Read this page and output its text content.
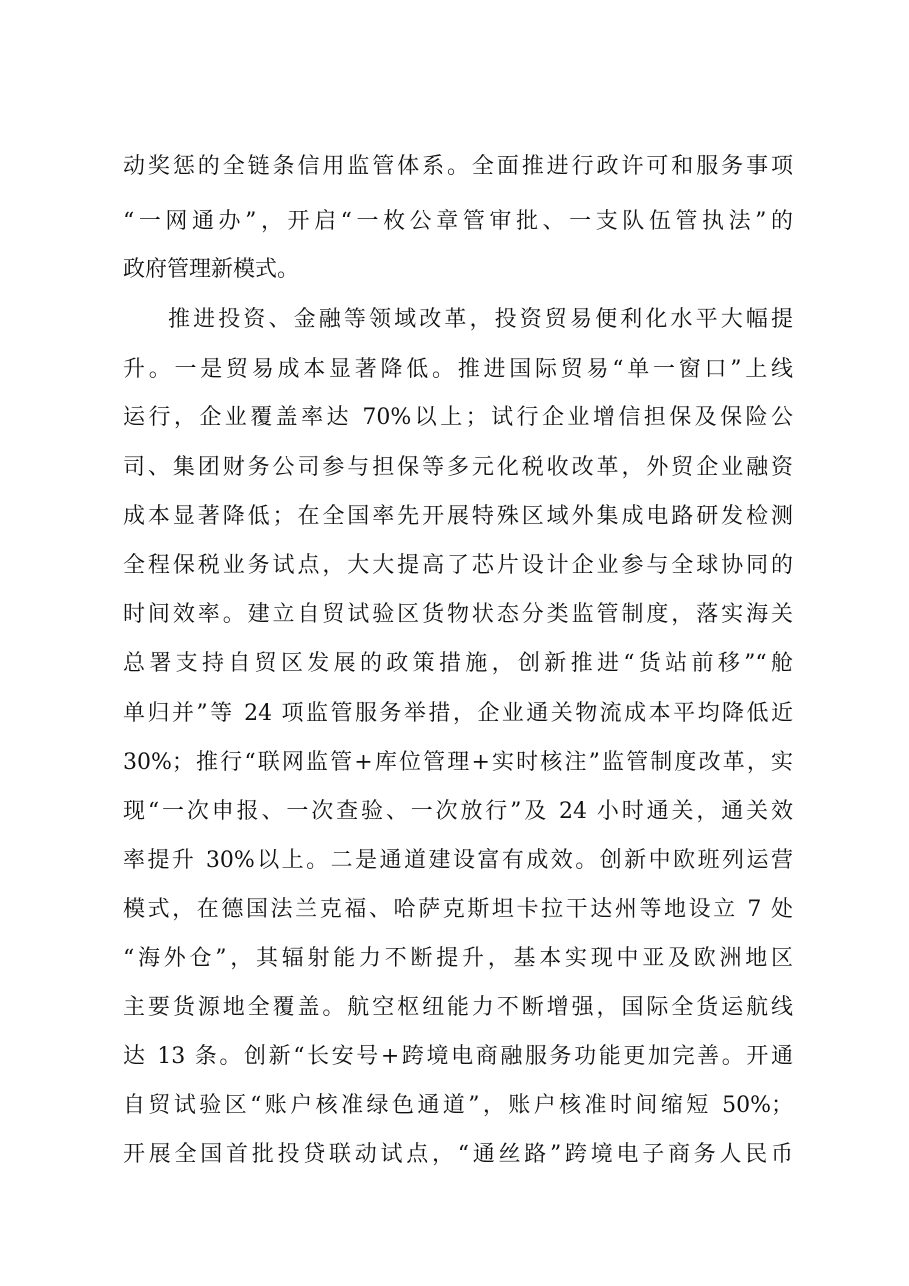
动奖惩的全链条信用监管体系。全面推进行政许可和服务事项
“一网通办”，开启“一枚公章管审批、一支队伍管执法”的
政府管理新模式。
推进投资、金融等领域改革，投资贸易便利化水平大幅提
升。一是贸易成本显著降低。推进国际贸易“单一窗口”上线
运行，企业覆盖率达 70%以上；试行企业增信担保及保险公
司、集团财务公司参与担保等多元化税收改革，外贸企业融资
成本显著降低；在全国率先开展特殊区域外集成电路研发检测
全程保税业务试点，大大提高了芯片设计企业参与全球协同的
时间效率。建立自贸试验区货物状态分类监管制度，落实海关
总署支持自贸区发展的政策措施，创新推进“货站前移”“舱
单归并”等 24 项监管服务举措，企业通关物流成本平均降低近
30%；推行“联网监管+库位管理+实时核注”监管制度改革，实
现“一次申报、一次查验、一次放行”及 24 小时通关，通关效
率提升 30%以上。二是通道建设富有成效。创新中欧班列运营
模式，在德国法兰克福、哈萨克斯坦卡拉干达州等地设立 7 处
“海外仓”，其辐射能力不断提升，基本实现中亚及欧洲地区
主要货源地全覆盖。航空枢纽能力不断增强，国际全货运航线
达 13 条。创新“长安号+跨境电商融服务功能更加完善。开通
自贸试验区“账户核准绿色通道”，账户核准时间缩短 50%；
开展全国首批投贷联动试点，“通丝路”跨境电子商务人民币
